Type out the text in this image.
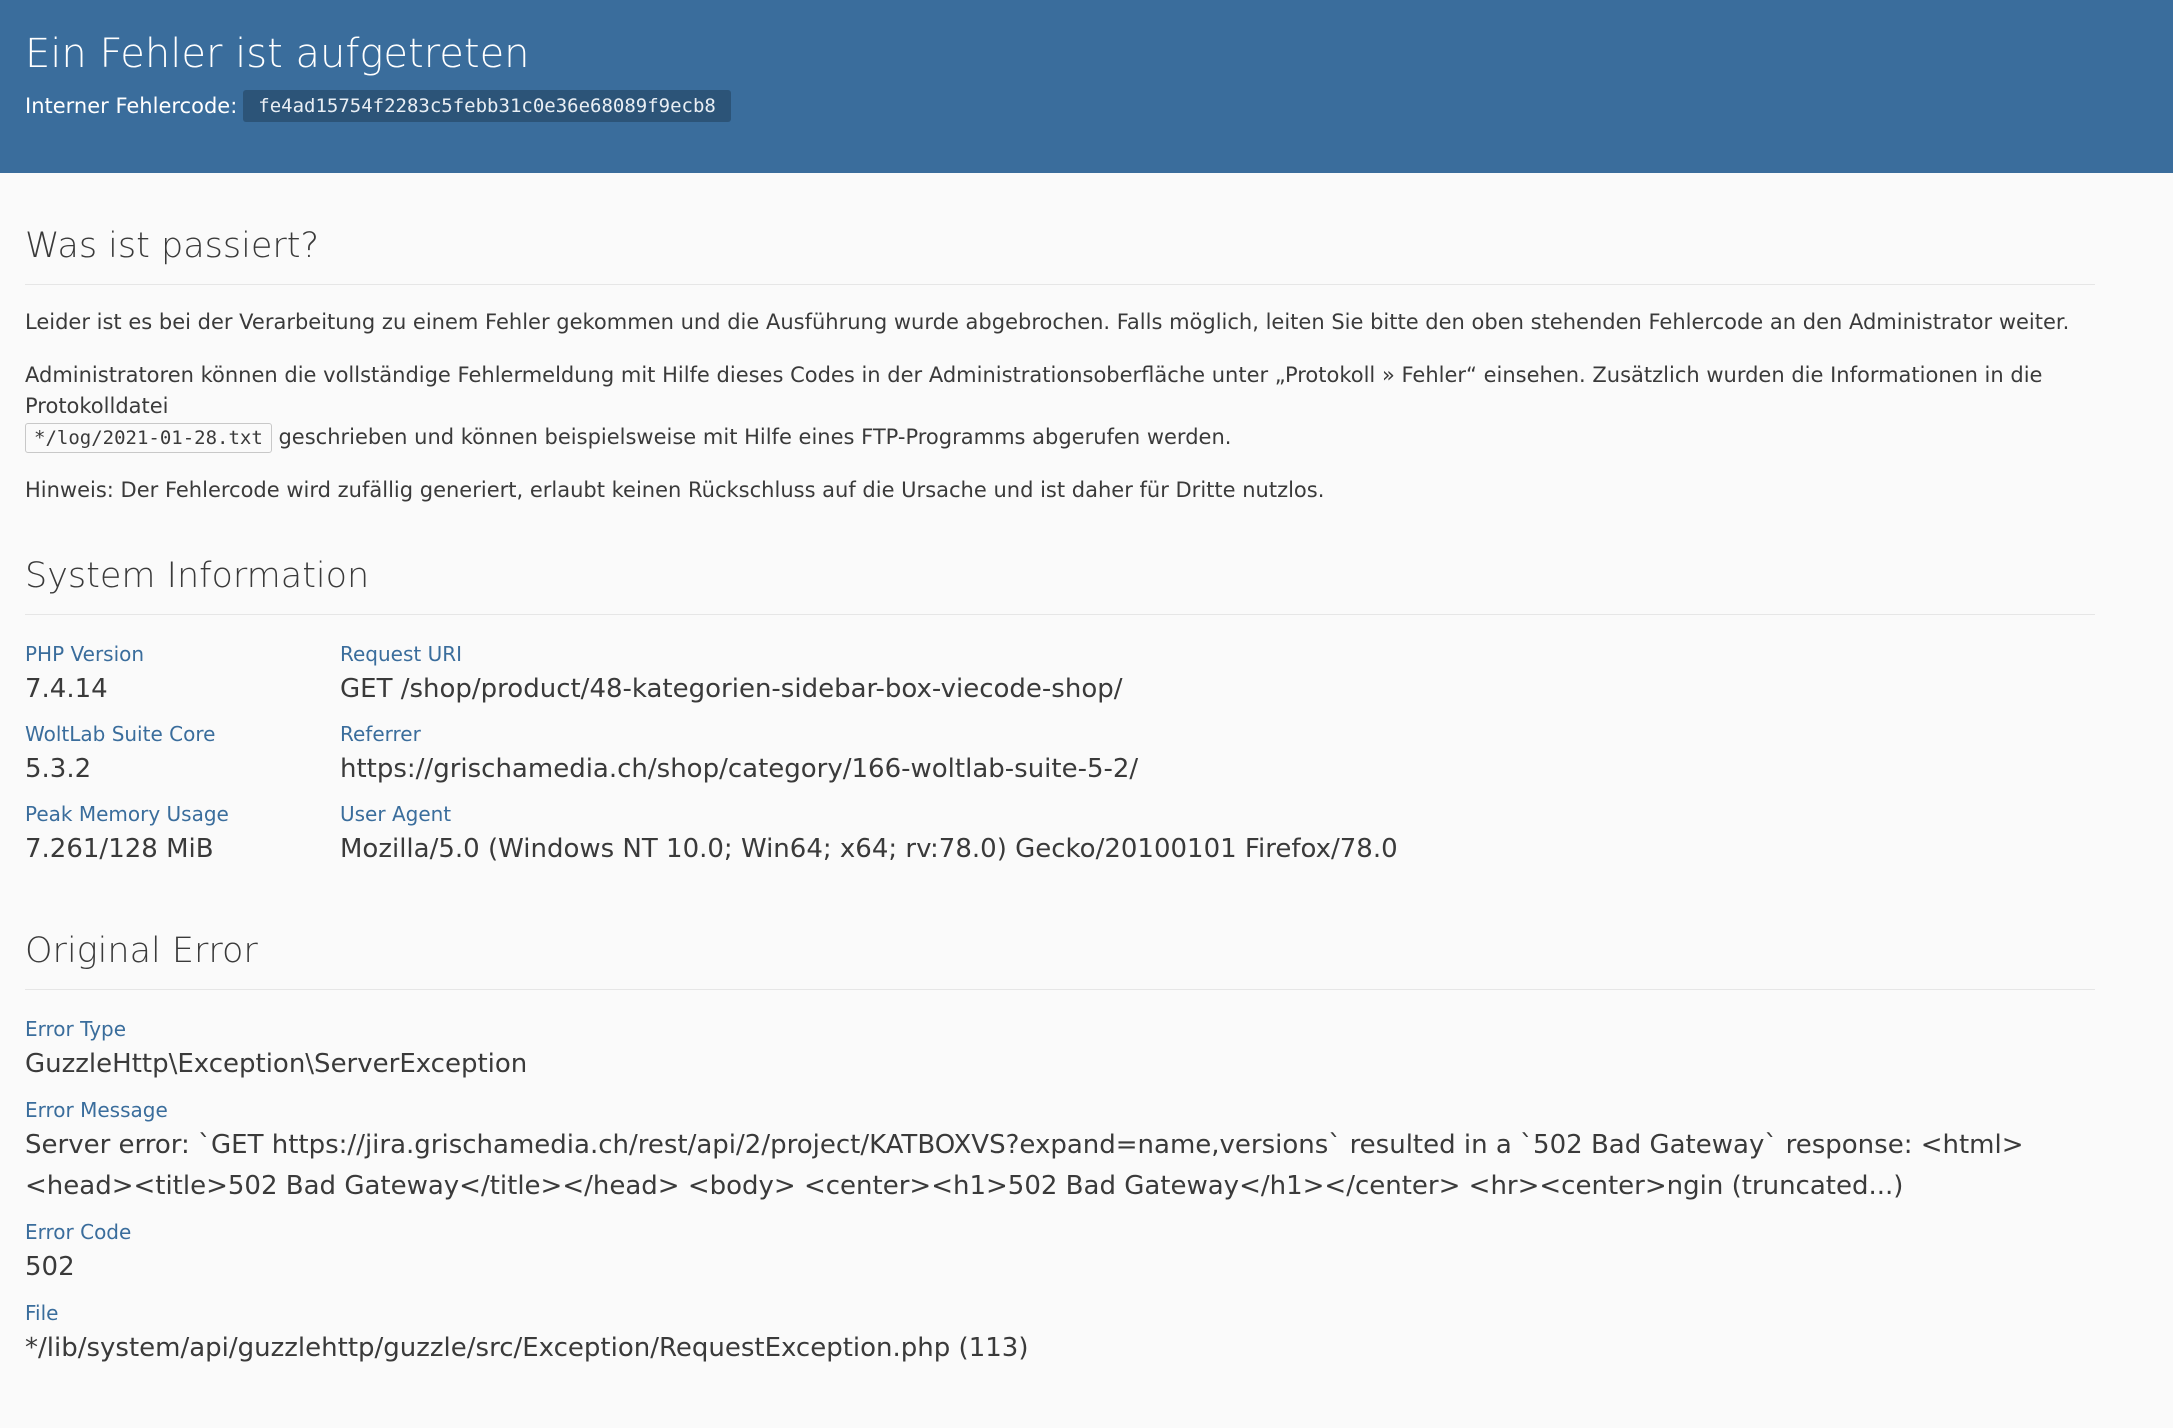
Ein Fehler ist aufgetreten
Interner Fehlercode:	fe4ad15754f2283c5febb31c0e36e68089f9ecb8
Was ist passiert?

Leider ist es bei der Verarbeitung zu einem Fehler gekommen und die Ausführung wurde abgebrochen. Falls möglich, leiten Sie bitte den oben stehenden Fehlercode an den Administrator weiter.

Administratoren können die vollständige Fehlermeldung mit Hilfe dieses Codes in der Administrationsoberfläche unter „Protokoll » Fehler“ einsehen. Zusätzlich wurden die Informationen in die Protokolldatei
*/log/2021-01-28.txt geschrieben und können beispielsweise mit Hilfe eines FTP-Programms abgerufen werden.

Hinweis: Der Fehlercode wird zufällig generiert, erlaubt keinen Rückschluss auf die Ursache und ist daher für Dritte nutzlos.

System Information
PHP Version
7.4.14
WoltLab Suite Core
5.3.2
Peak Memory Usage
7.261/128 MiB
Request URI
GET /shop/product/48-kategorien-sidebar-box-viecode-shop/
Referrer
https://grischamedia.ch/shop/category/166-woltlab-suite-5-2/
User Agent
Mozilla/5.0 (Windows NT 10.0; Win64; x64; rv:78.0) Gecko/20100101 Firefox/78.0
Original Error
Error Type
GuzzleHttp\Exception\ServerException
Error Message
Server error: `GET https://jira.grischamedia.ch/rest/api/2/project/KATBOXVS?expand=name,versions` resulted in a `502 Bad Gateway` response: <html> <head><title>502 Bad Gateway</title></head> <body> <center><h1>502 Bad Gateway</h1></center> <hr><center>ngin (truncated...)
Error Code
502
File
*/lib/system/api/guzzlehttp/guzzle/src/Exception/RequestException.php (113)
